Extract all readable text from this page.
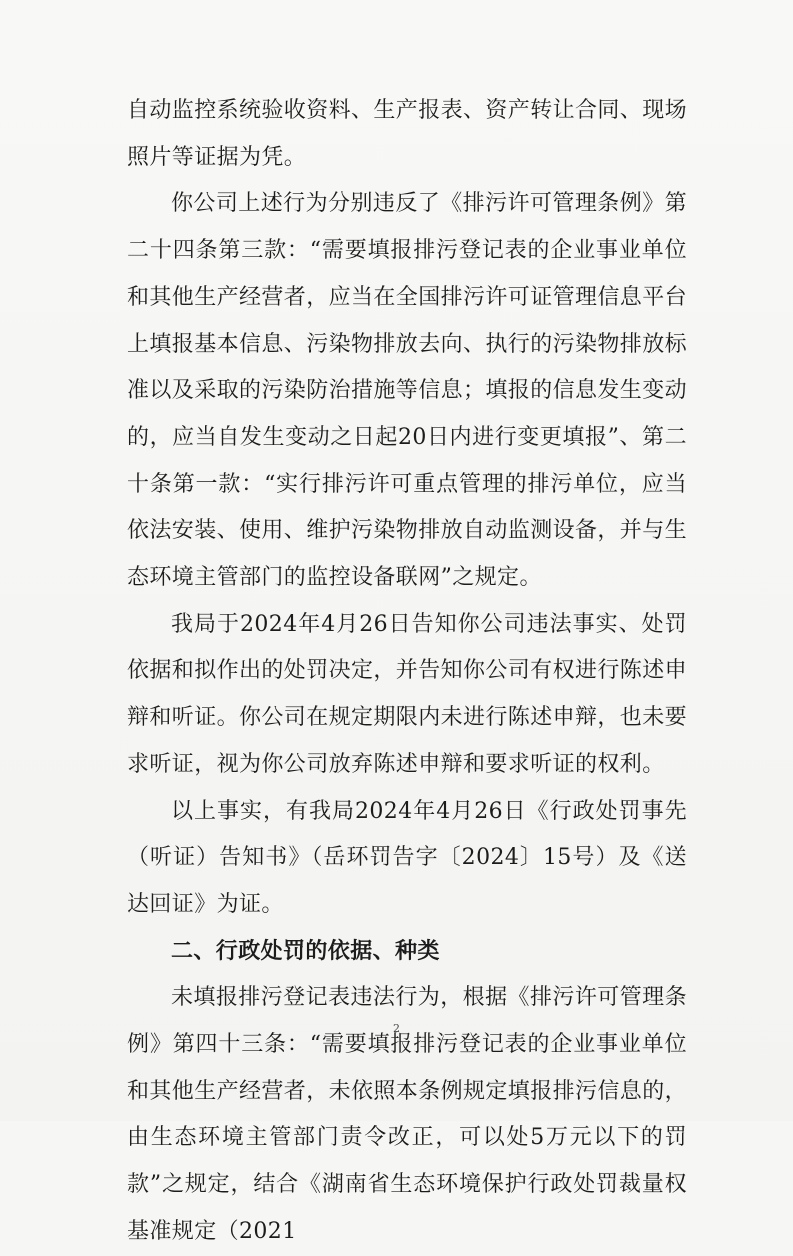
自动监控系统验收资料、生产报表、资产转让合同、现场照片等证据为凭。

你公司上述行为分别违反了《排污许可管理条例》第二十四条第三款：“需要填报排污登记表的企业事业单位和其他生产经营者，应当在全国排污许可证管理信息平台上填报基本信息、污染物排放去向、执行的污染物排放标准以及采取的污染防治措施等信息；填报的信息发生变动的，应当自发生变动之日起20日内进行变更填报”、第二十条第一款：“实行排污许可重点管理的排污单位，应当依法安装、使用、维护污染物排放自动监测设备，并与生态环境主管部门的监控设备联网”之规定。

我局于2024年4月26日告知你公司违法事实、处罚依据和拟作出的处罚决定，并告知你公司有权进行陈述申辩和听证。你公司在规定期限内未进行陈述申辩，也未要求听证，视为你公司放弃陈述申辩和要求听证的权利。

以上事实，有我局2024年4月26日《行政处罚事先（听证）告知书》（岳环罚告字〔2024〕15号）及《送达回证》为证。

二、行政处罚的依据、种类

未填报排污登记表违法行为，根据《排污许可管理条例》第四十三条：“需要填报排污登记表的企业事业单位和其他生产经营者，未依照本条例规定填报排污信息的，由生态环境主管部门责令改正，可以处5万元以下的罚款”之规定，结合《湖南省生态环境保护行政处罚裁量权基准规定（2021

2
